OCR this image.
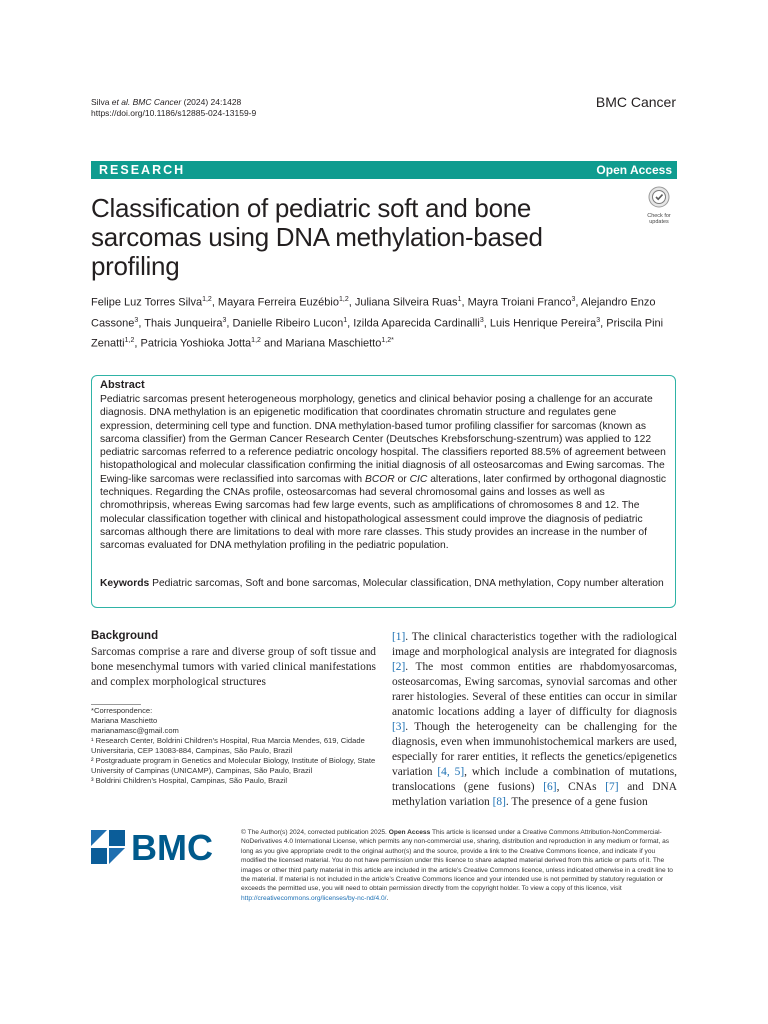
Silva et al. BMC Cancer (2024) 24:1428
https://doi.org/10.1186/s12885-024-13159-9
BMC Cancer
RESEARCH	Open Access
Check for
updates
Classification of pediatric soft and bone sarcomas using DNA methylation-based profiling
Felipe Luz Torres Silva$^{1,2}$, Mayara Ferreira Euzébio$^{1,2}$, Juliana Silveira Ruas$^1$, Mayra Troiani Franco$^3$, Alejandro Enzo Cassone$^3$, Thais Junqueira$^3$, Danielle Ribeiro Lucon$^1$, Izilda Aparecida Cardinalli$^3$, Luis Henrique Pereira$^3$, Priscila Pini Zenatti$^{1,2}$, Patricia Yoshioka Jotta$^{1,2}$ and Mariana Maschietto$^{1,2*}$
Abstract
Pediatric sarcomas present heterogeneous morphology, genetics and clinical behavior posing a challenge for an accurate diagnosis. DNA methylation is an epigenetic modification that coordinates chromatin structure and regulates gene expression, determining cell type and function. DNA methylation-based tumor profiling classifier for sarcomas (known as sarcoma classifier) from the German Cancer Research Center (Deutsches Krebsforschung-szentrum) was applied to 122 pediatric sarcomas referred to a reference pediatric oncology hospital. The classifiers reported 88.5% of agreement between histopathological and molecular classification confirming the initial diagnosis of all osteosarcomas and Ewing sarcomas. The Ewing-like sarcomas were reclassified into sarcomas with BCOR or CIC alterations, later confirmed by orthogonal diagnostic techniques. Regarding the CNAs profile, osteosarcomas had several chromosomal gains and losses as well as chromothripsis, whereas Ewing sarcomas had few large events, such as amplifications of chromosomes 8 and 12. The molecular classification together with clinical and histopathological assessment could improve the diagnosis of pediatric sarcomas although there are limitations to deal with more rare classes. This study provides an increase in the number of sarcomas evaluated for DNA methylation profiling in the pediatric population.
Keywords Pediatric sarcomas, Soft and bone sarcomas, Molecular classification, DNA methylation, Copy number alteration
Background
Sarcomas comprise a rare and diverse group of soft tissue and bone mesenchymal tumors with varied clinical manifestations and complex morphological structures
[1]. The clinical characteristics together with the radiological image and morphological analysis are integrated for diagnosis [2]. The most common entities are rhabdomyosarcomas, osteosarcomas, Ewing sarcomas, synovial sarcomas and other rarer histologies. Several of these entities can occur in similar anatomic locations adding a layer of difficulty for diagnosis [3]. Though the heterogeneity can be challenging for the diagnosis, even when immunohistochemical markers are used, especially for rarer entities, it reflects the genetics/epigenetics variation [4, 5], which include a combination of mutations, translocations (gene fusions) [6], CNAs [7] and DNA methylation variation [8]. The presence of a gene fusion
*Correspondence:
Mariana Maschietto
marianamasc@gmail.com
¹ Research Center, Boldrini Children’s Hospital, Rua Marcia Mendes, 619, Cidade Universitaria, CEP 13083-884, Campinas, São Paulo, Brazil
² Postgraduate program in Genetics and Molecular Biology, Institute of Biology, State University of Campinas (UNICAMP), Campinas, São Paulo, Brazil
³ Boldrini Children’s Hospital, Campinas, São Paulo, Brazil
BMC	© The Author(s) 2024, corrected publication 2025. Open Access This article is licensed under a Creative Commons Attribution-NonCommercial-NoDerivatives 4.0 International License, which permits any non-commercial use, sharing, distribution and reproduction in any medium or format, as long as you give appropriate credit to the original author(s) and the source, provide a link to the Creative Commons licence, and indicate if you modified the licensed material. You do not have permission under this licence to share adapted material derived from this article or parts of it. The images or other third party material in this article are included in the article’s Creative Commons licence, unless indicated otherwise in a credit line to the material. If material is not included in the article’s Creative Commons licence and your intended use is not permitted by statutory regulation or exceeds the permitted use, you will need to obtain permission directly from the copyright holder. To view a copy of this licence, visit http://creativecommons.org/licenses/by-nc-nd/4.0/.
